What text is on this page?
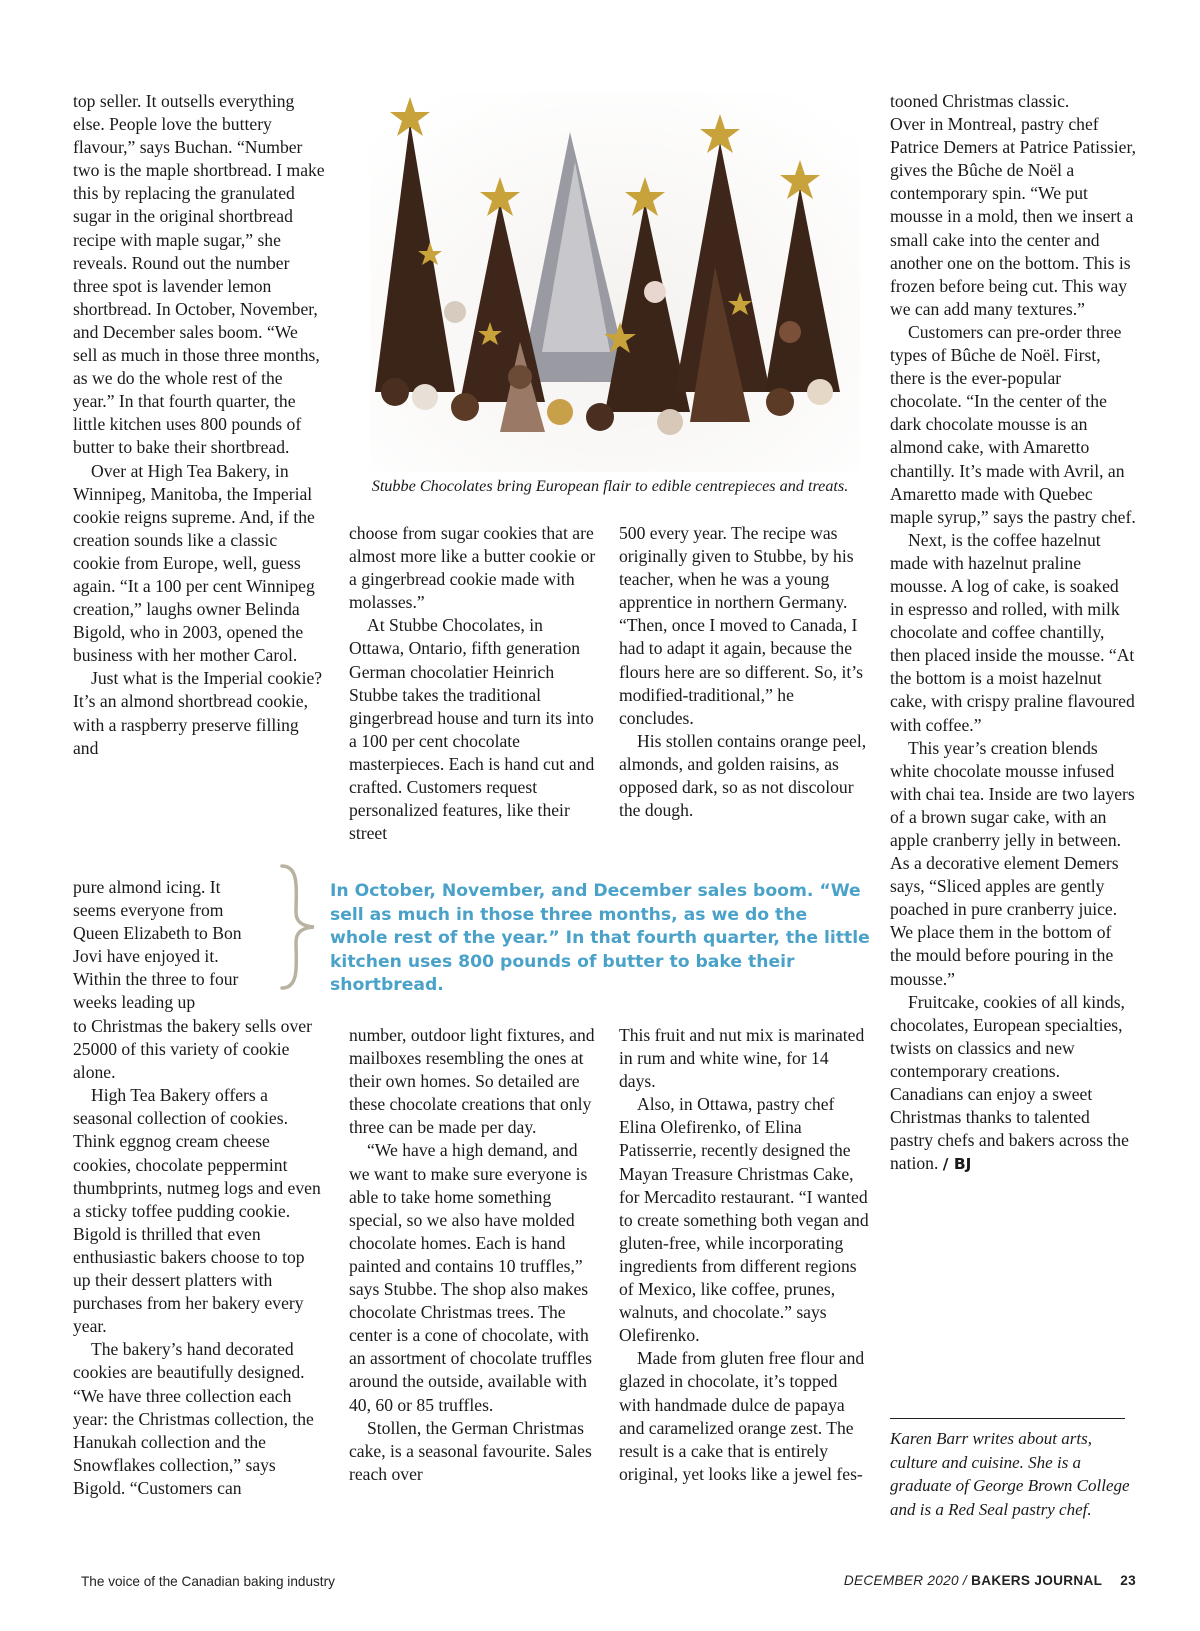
top seller. It outsells everything else. People love the buttery flavour,” says Buchan. “Number two is the maple shortbread. I make this by replacing the granulated sugar in the original shortbread recipe with maple sugar,” she reveals. Round out the number three spot is lavender lemon shortbread. In October, November, and December sales boom. “We sell as much in those three months, as we do the whole rest of the year.” In that fourth quarter, the little kitchen uses 800 pounds of butter to bake their shortbread.

Over at High Tea Bakery, in Winnipeg, Manitoba, the Imperial cookie reigns supreme. And, if the creation sounds like a classic cookie from Europe, well, guess again. “It a 100 per cent Winnipeg creation,” laughs owner Belinda Bigold, who in 2003, opened the business with her mother Carol.

Just what is the Imperial cookie? It’s an almond shortbread cookie, with a raspberry preserve filling and

pure almond icing. It seems everyone from Queen Elizabeth to Bon Jovi have enjoyed it. Within the three to four weeks leading up

to Christmas the bakery sells over 25000 of this variety of cookie alone.

High Tea Bakery offers a seasonal collection of cookies. Think eggnog cream cheese cookies, chocolate peppermint thumbprints, nutmeg logs and even a sticky toffee pudding cookie. Bigold is thrilled that even enthusiastic bakers choose to top up their dessert platters with purchases from her bakery every year.

The bakery’s hand decorated cookies are beautifully designed. “We have three collection each year: the Christmas collection, the Hanukah collection and the Snowflakes collection,” says Bigold. “Customers can

Stubbe Chocolates bring European flair to edible centrepieces and treats.

choose from sugar cookies that are almost more like a butter cookie or a gingerbread cookie made with molasses.”

At Stubbe Chocolates, in Ottawa, Ontario, fifth generation German chocolatier Heinrich Stubbe takes the traditional gingerbread house and turn its into a 100 per cent chocolate masterpieces. Each is hand cut and crafted. Customers request personalized features, like their street

500 every year. The recipe was originally given to Stubbe, by his teacher, when he was a young apprentice in northern Germany. “Then, once I moved to Canada, I had to adapt it again, because the flours here are so different. So, it’s modified-traditional,” he concludes.

His stollen contains orange peel, almonds, and golden raisins, as opposed dark, so as not discolour the dough.

In October, November, and December sales boom. “We sell as much in those three months, as we do the whole rest of the year.” In that fourth quarter, the little kitchen uses 800 pounds of butter to bake their shortbread.

number, outdoor light fixtures, and mailboxes resembling the ones at their own homes. So detailed are these chocolate creations that only three can be made per day.

“We have a high demand, and we want to make sure everyone is able to take home something special, so we also have molded chocolate homes. Each is hand painted and contains 10 truffles,” says Stubbe. The shop also makes chocolate Christmas trees. The center is a cone of chocolate, with an assortment of chocolate truffles around the outside, available with 40, 60 or 85 truffles.

Stollen, the German Christmas cake, is a seasonal favourite. Sales reach over

This fruit and nut mix is marinated in rum and white wine, for 14 days.

Also, in Ottawa, pastry chef Elina Olefirenko, of Elina Patisserrie, recently designed the Mayan Treasure Christmas Cake, for Mercadito restaurant. “I wanted to create something both vegan and gluten-free, while incorporating ingredients from different regions of Mexico, like coffee, prunes, walnuts, and chocolate.” says Olefirenko.

Made from gluten free flour and glazed in chocolate, it’s topped with handmade dulce de papaya and caramelized orange zest. The result is a cake that is entirely original, yet looks like a jewel fes-

tooned Christmas classic.

Over in Montreal, pastry chef Patrice Demers at Patrice Patissier, gives the Bûche de Noël a contemporary spin. “We put mousse in a mold, then we insert a small cake into the center and another one on the bottom. This is frozen before being cut. This way we can add many textures.”

Customers can pre-order three types of Bûche de Noël. First, there is the ever-popular chocolate. “In the center of the dark chocolate mousse is an almond cake, with Amaretto chantilly. It’s made with Avril, an Amaretto made with Quebec maple syrup,” says the pastry chef.

Next, is the coffee hazelnut made with hazelnut praline mousse. A log of cake, is soaked in espresso and rolled, with milk chocolate and coffee chantilly, then placed inside the mousse. “At the bottom is a moist hazelnut cake, with crispy praline flavoured with coffee.”

This year’s creation blends white chocolate mousse infused with chai tea. Inside are two layers of a brown sugar cake, with an apple cranberry jelly in between. As a decorative element Demers says, “Sliced apples are gently poached in pure cranberry juice. We place them in the bottom of the mould before pouring in the mousse.”

Fruitcake, cookies of all kinds, chocolates, European specialties, twists on classics and new contemporary creations. Canadians can enjoy a sweet Christmas thanks to talented pastry chefs and bakers across the nation. / BJ

Karen Barr writes about arts, culture and cuisine. She is a graduate of George Brown College and is a Red Seal pastry chef.
The voice of the Canadian baking industry	DECEMBER 2020 / BAKERS JOURNAL 23
